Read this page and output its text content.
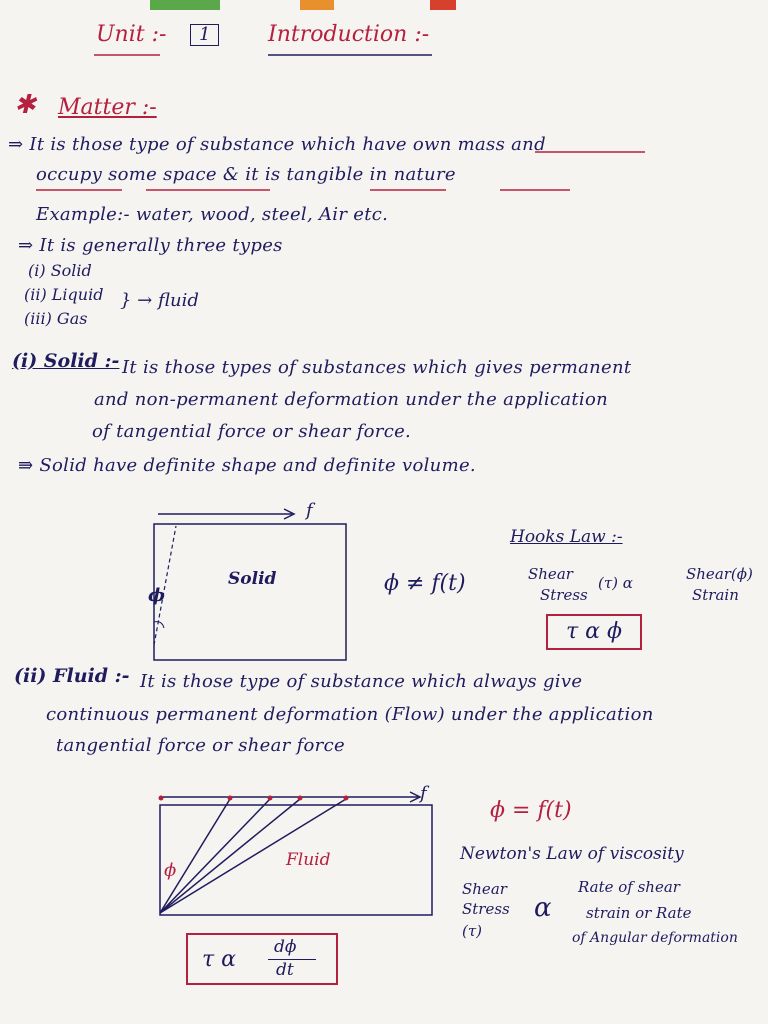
Unit :-	1	Introduction :-
✱ Matter :-
⇒ It is those type of substance which have own mass and
occupy some space & it is tangible in nature
Example:- water, wood, steel, Air etc.
⇒ It is generally three types
(i) Solid
(ii) Liquid
(iii) Gas
} → fluid
(i) Solid :- It is those types of substances which gives permanent
and non-permanent deformation under the application
of tangential force or shear force.
⇛ Solid have definite shape and definite volume.
f
Solid
ϕ	ϕ ≠ f(t)
Hooks Law :-
Shear
Stress
(τ) α	Shear(ϕ)
Strain
τ α ϕ
(ii) Fluid :- It is those type of substance which always give
continuous permanent deformation (Flow) under the application
tangential force or shear force
f
Fluid
ϕ
ϕ = f(t)
Newton's Law of viscosity
Shear
Stress
(τ)
α
Rate of shear
strain or Rate
of Angular deformation
τ α dϕ
dt
